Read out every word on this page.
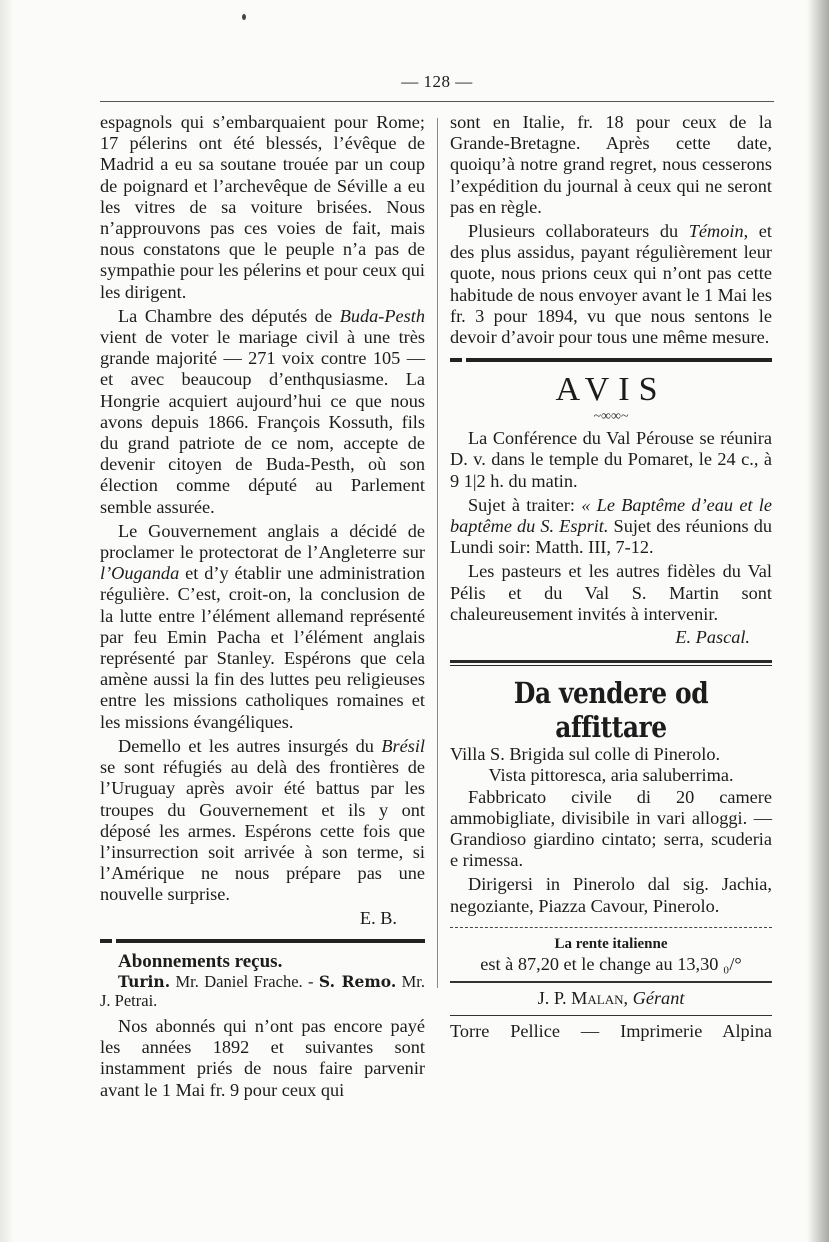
— 128 —

espagnols qui s’embarquaient pour Rome; 17 pélerins ont été blessés, l’évêque de Madrid a eu sa soutane trouée par un coup de poignard et l’archevêque de Séville a eu les vitres de sa voiture brisées. Nous n’approuvons pas ces voies de fait, mais nous constatons que le peuple n’a pas de sympathie pour les pélerins et pour ceux qui les dirigent.

La Chambre des députés de Buda-Pesth vient de voter le mariage civil à une très grande majorité — 271 voix contre 105 — et avec beaucoup d’enthqusiasme. La Hongrie acquiert aujourd’hui ce que nous avons depuis 1866. François Kossuth, fils du grand patriote de ce nom, accepte de devenir citoyen de Buda-Pesth, où son élection comme député au Parlement semble assurée.

Le Gouvernement anglais a décidé de proclamer le protectorat de l’Angleterre sur l’Ouganda et d’y établir une administration régulière. C’est, croit-on, la conclusion de la lutte entre l’élément allemand représenté par feu Emin Pacha et l’élément anglais représenté par Stanley. Espérons que cela amène aussi la fin des luttes peu religieuses entre les missions catholiques romaines et les missions évangéliques.

Demello et les autres insurgés du Brésil se sont réfugiés au delà des frontières de l’Uruguay après avoir été battus par les troupes du Gouvernement et ils y ont déposé les armes. Espérons cette fois que l’insurrection soit arrivée à son terme, si l’Amérique ne nous prépare pas une nouvelle surprise.

E. B.
Abonnements reçus.

Turin. Mr. Daniel Frache. - S. Remo. Mr. J. Petrai.

Nos abonnés qui n’ont pas encore payé les années 1892 et suivantes sont instamment priés de nous faire parvenir avant le 1 Mai fr. 9 pour ceux qui

sont en Italie, fr. 18 pour ceux de la Grande-Bretagne. Après cette date, quoiqu’à notre grand regret, nous cesserons l’expédition du journal à ceux qui ne seront pas en règle.

Plusieurs collaborateurs du Témoin, et des plus assidus, payant régulièrement leur quote, nous prions ceux qui n’ont pas cette habitude de nous envoyer avant le 1 Mai les fr. 3 pour 1894, vu que nous sentons le devoir d’avoir pour tous une même mesure.

AVIS
~∞∞~

La Conférence du Val Pérouse se réunira D. v. dans le temple du Pomaret, le 24 c., à 9 1|2 h. du matin.

Sujet à traiter: « Le Baptême d’eau et le baptême du S. Esprit. Sujet des réunions du Lundi soir: Matth. III, 7-12.

Les pasteurs et les autres fidèles du Val Pélis et du Val S. Martin sont chaleureusement invités à intervenir.

E. Pascal.
Da vendere od affittare
Villa S. Brigida sul colle di Pinerolo.
Vista pittoresca, aria saluberrima.

Fabbricato civile di 20 camere ammobigliate, divisibile in vari alloggi. — Grandioso giardino cintato; serra, scuderia e rimessa.

Dirigersi in Pinerolo dal sig. Jachia, negoziante, Piazza Cavour, Pinerolo.

La rente italienne
est à 87,20 et le change au 13,30 ₀/°
J. P. Malan, Gérant
Torre Pellice — Imprimerie Alpina
